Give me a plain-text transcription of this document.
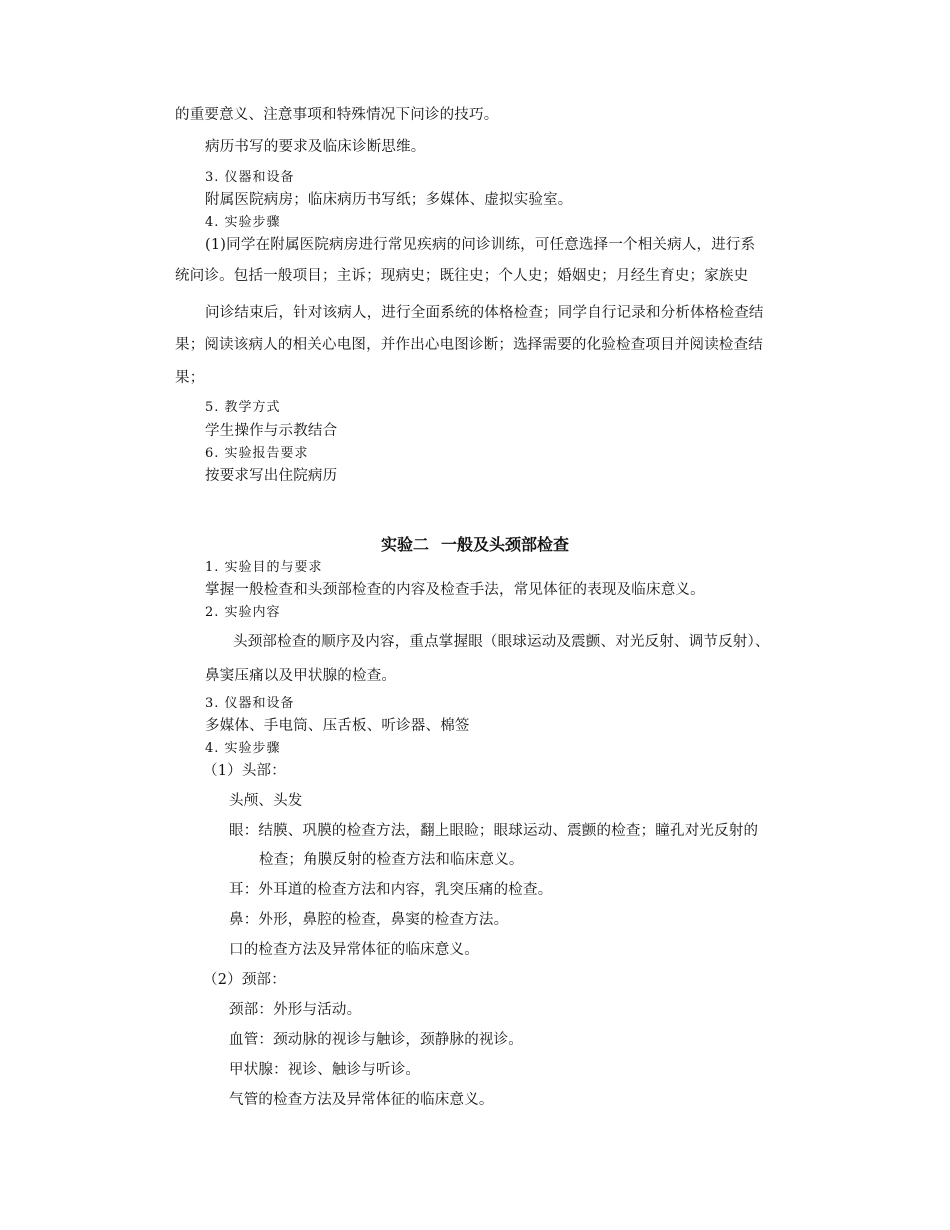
的重要意义、注意事项和特殊情况下问诊的技巧。
病历书写的要求及临床诊断思维。
3. 仪器和设备
附属医院病房；临床病历书写纸；多媒体、虚拟实验室。
4. 实验步骤
(1)同学在附属医院病房进行常见疾病的问诊训练，可任意选择一个相关病人，进行系
统问诊。包括一般项目；主诉；现病史；既往史；个人史；婚姻史；月经生育史；家族史
问诊结束后，针对该病人，进行全面系统的体格检查；同学自行记录和分析体格检查结
果；阅读该病人的相关心电图，并作出心电图诊断；选择需要的化验检查项目并阅读检查结
果；
5. 教学方式
学生操作与示教结合
6. 实验报告要求
按要求写出住院病历
实验二 一般及头颈部检查
1. 实验目的与要求
掌握一般检查和头颈部检查的内容及检查手法，常见体征的表现及临床意义。
2. 实验内容
头颈部检查的顺序及内容，重点掌握眼（眼球运动及震颤、对光反射、调节反射）、
鼻窦压痛以及甲状腺的检查。
3. 仪器和设备
多媒体、手电筒、压舌板、听诊器、棉签
4. 实验步骤
（1）头部：
头颅、头发
眼：结膜、巩膜的检查方法，翻上眼睑；眼球运动、震颤的检查；瞳孔对光反射的
检查；角膜反射的检查方法和临床意义。
耳：外耳道的检查方法和内容，乳突压痛的检查。
鼻：外形，鼻腔的检查，鼻窦的检查方法。
口的检查方法及异常体征的临床意义。
（2）颈部：
颈部：外形与活动。
血管：颈动脉的视诊与触诊，颈静脉的视诊。
甲状腺：视诊、触诊与听诊。
气管的检查方法及异常体征的临床意义。
